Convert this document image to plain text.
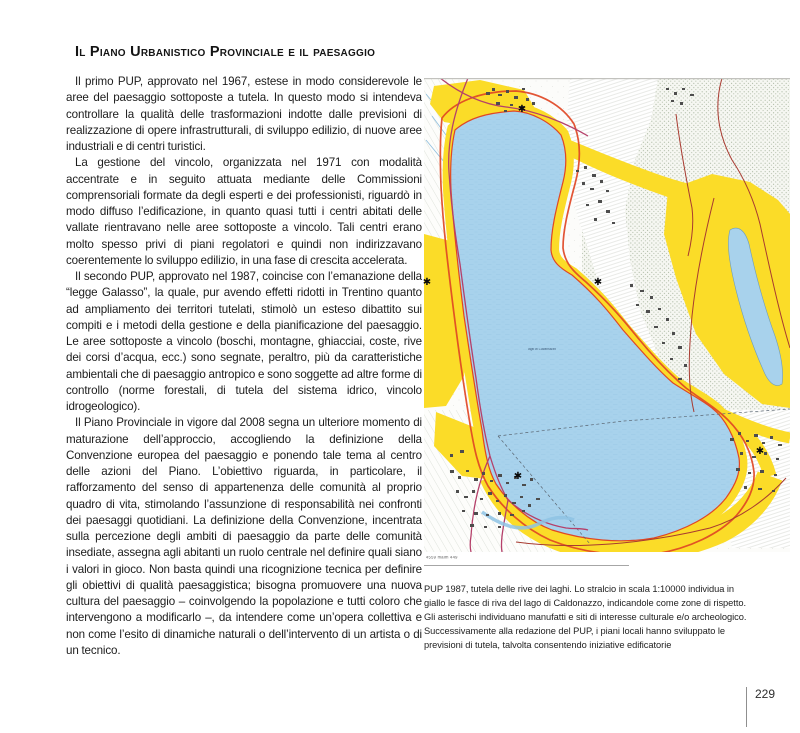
Il Piano Urbanistico Provinciale e il paesaggio

Il primo PUP, approvato nel 1967, estese in modo considerevole le aree del paesaggio sottoposte a tutela. In questo modo si intendeva controllare la qualità delle trasformazioni indotte dalle previsioni di realizzazione di opere infrastrutturali, di sviluppo edilizio, di nuove aree industriali e di centri turistici.

La gestione del vincolo, organizzata nel 1971 con modalità accentrate e in seguito attuata mediante delle Commissioni comprensoriali formate da degli esperti e dei professionisti, riguardò in modo diffuso l’edificazione, in quanto quasi tutti i centri abitati delle vallate rientravano nelle aree sottoposte a vincolo. Tali centri erano molto spesso privi di piani regolatori e quindi non indirizzavano coerentemente lo sviluppo edilizio, in una fase di crescita accelerata.

Il secondo PUP, approvato nel 1987, coincise con l’emanazione della “legge Galasso”, la quale, pur avendo effetti ridotti in Trentino quanto ad ampliamento dei territori tutelati, stimolò un esteso dibattito sui compiti e i metodi della gestione e della pianificazione del paesaggio. Le aree sottoposte a vincolo (boschi, montagne, ghiacciai, coste, rive dei corsi d’acqua, ecc.) sono segnate, peraltro, più da caratteristiche ambientali che di paesaggio antropico e sono soggette ad altre forme di controllo (norme forestali, di tutela del sistema idrico, vincolo idrogeologico).

Il Piano Provinciale in vigore dal 2008 segna un ulteriore momento di maturazione dell’approccio, accogliendo la definizione della Convenzione europea del paesaggio e ponendo tale tema al centro delle azioni del Piano. L’obiettivo riguarda, in particolare, il rafforzamento del senso di appartenenza delle comunità al proprio quadro di vita, stimolando l’assunzione di responsabilità nei confronti dei paesaggi quotidiani. La definizione della Convenzione, incentrata sulla percezione degli ambiti di paesaggio da parte delle comunità insediate, assegna agli abitanti un ruolo centrale nel definire quali siano i valori in gioco. Non basta quindi una ricognizione tecnica per definire gli obiettivi di qualità paesaggistica; bisogna promuovere una nuova cultura del paesaggio – coinvolgendo la popolazione e tutti coloro che intervengono a modificarlo –, da intendere come un’opera collettiva e non come l’esito di dinamiche naturali o dell’intervento di un artista o di un tecnico.

lago di Caldonazzo
4559 malm 449
✱
✱	✱
✱
✱
PUP 1987, tutela delle rive dei laghi. Lo stralcio in scala 1:10000 individua in giallo le fasce di riva del lago di Caldonazzo, indicandole come zone di rispetto. Gli asterischi individuano manufatti e siti di interesse culturale e/o archeologico. Successivamente alla redazione del PUP, i piani locali hanno sviluppato le previsioni di tutela, talvolta consentendo iniziative edificatorie
229
